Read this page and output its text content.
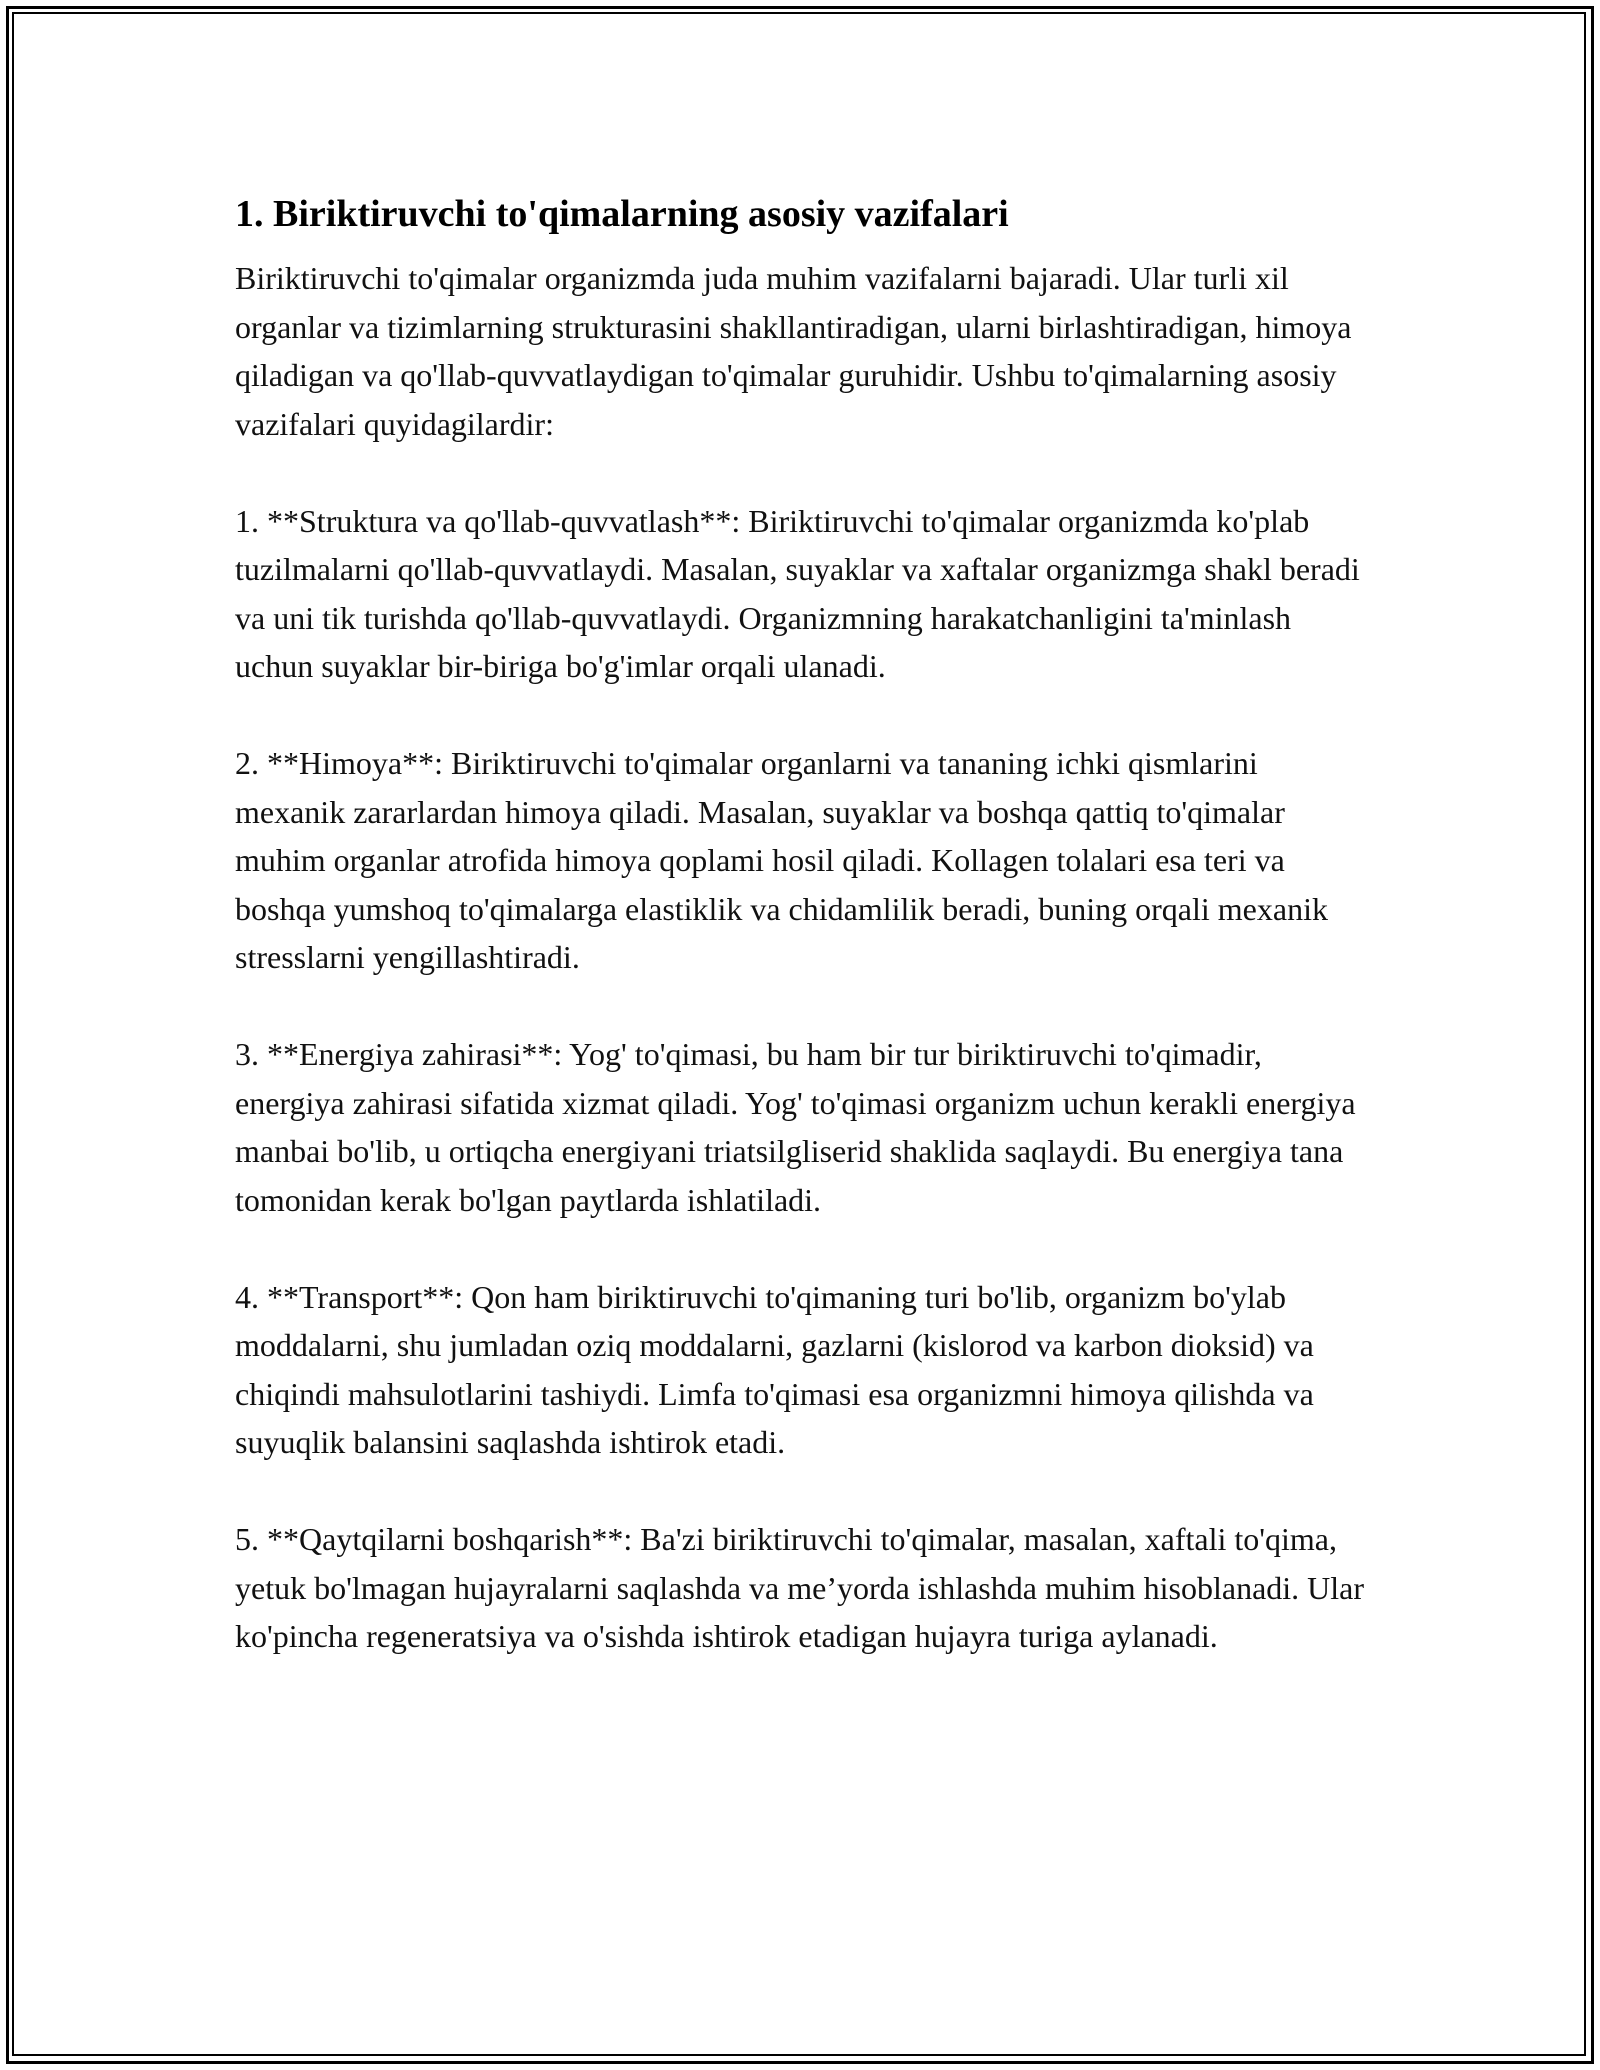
1. Biriktiruvchi to'qimalarning asosiy vazifalari

Biriktiruvchi to'qimalar organizmda juda muhim vazifalarni bajaradi. Ular turli xil organlar va tizimlarning strukturasini shakllantiradigan, ularni birlashtiradigan, himoya qiladigan va qo'llab-quvvatlaydigan to'qimalar guruhidir. Ushbu to'qimalarning asosiy vazifalari quyidagilardir:

1. **Struktura va qo'llab-quvvatlash**: Biriktiruvchi to'qimalar organizmda ko'plab tuzilmalarni qo'llab-quvvatlaydi. Masalan, suyaklar va xaftalar organizmga shakl beradi va uni tik turishda qo'llab-quvvatlaydi. Organizmning harakatchanligini ta'minlash uchun suyaklar bir-biriga bo'g'imlar orqali ulanadi.

2. **Himoya**: Biriktiruvchi to'qimalar organlarni va tananing ichki qismlarini mexanik zararlardan himoya qiladi. Masalan, suyaklar va boshqa qattiq to'qimalar muhim organlar atrofida himoya qoplami hosil qiladi. Kollagen tolalari esa teri va boshqa yumshoq to'qimalarga elastiklik va chidamlilik beradi, buning orqali mexanik stresslarni yengillashtiradi.

3. **Energiya zahirasi**: Yog' to'qimasi, bu ham bir tur biriktiruvchi to'qimadir, energiya zahirasi sifatida xizmat qiladi. Yog' to'qimasi organizm uchun kerakli energiya manbai bo'lib, u ortiqcha energiyani triatsilgliserid shaklida saqlaydi. Bu energiya tana tomonidan kerak bo'lgan paytlarda ishlatiladi.

4. **Transport**: Qon ham biriktiruvchi to'qimaning turi bo'lib, organizm bo'ylab moddalarni, shu jumladan oziq moddalarni, gazlarni (kislorod va karbon dioksid) va chiqindi mahsulotlarini tashiydi. Limfa to'qimasi esa organizmni himoya qilishda va suyuqlik balansini saqlashda ishtirok etadi.

5. **Qaytqilarni boshqarish**: Ba'zi biriktiruvchi to'qimalar, masalan, xaftali to'qima, yetuk bo'lmagan hujayralarni saqlashda va me’yorda ishlashda muhim hisoblanadi. Ular ko'pincha regeneratsiya va o'sishda ishtirok etadigan hujayra turiga aylanadi.
